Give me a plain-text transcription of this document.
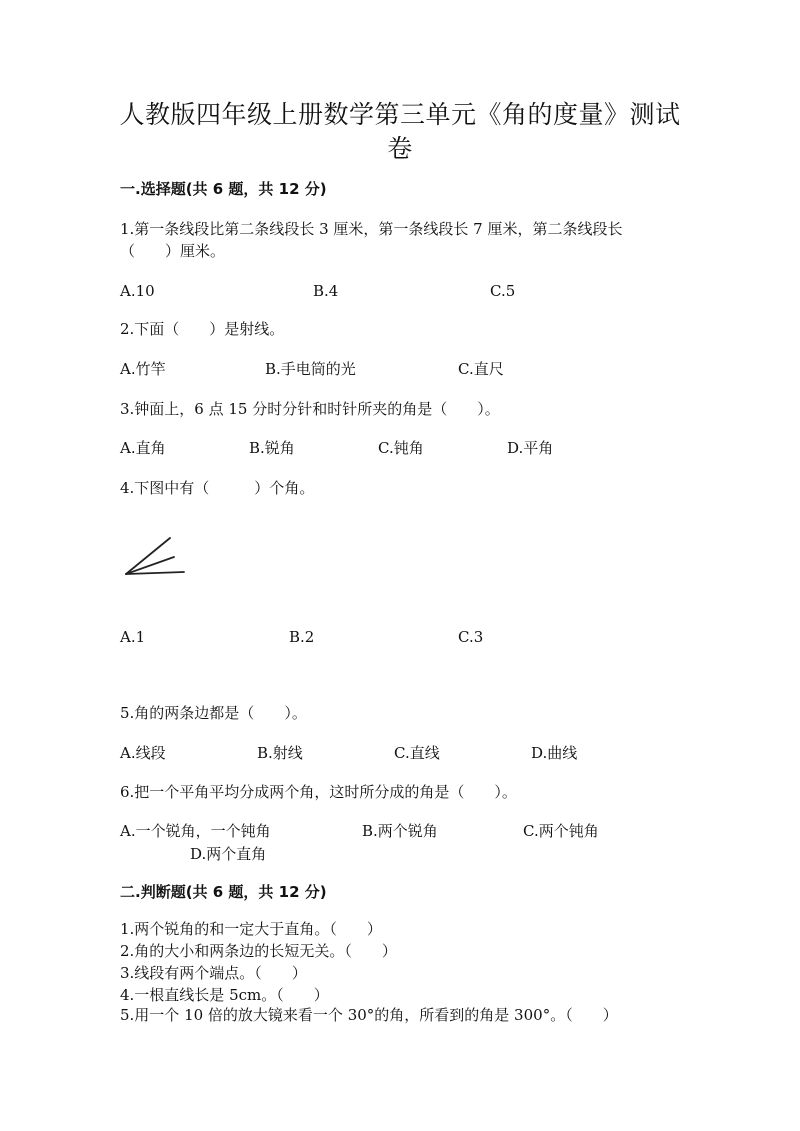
人教版四年级上册数学第三单元《角的度量》测试
卷
一.选择题(共 6 题，共 12 分)
1.第一条线段比第二条线段长 3 厘米，第一条线段长 7 厘米，第二条线段长
（　　）厘米。
A.10	B.4	C.5
2.下面（　　）是射线。
A.竹竿	B.手电筒的光	C.直尺
3.钟面上，6 点 15 分时分针和时针所夹的角是（　　）。
A.直角	B.锐角	C.钝角	D.平角
4.下图中有（　　　）个角。
A.1	B.2	C.3
5.角的两条边都是（　　）。
A.线段	B.射线	C.直线	D.曲线
6.把一个平角平均分成两个角，这时所分成的角是（　　）。
A.一个锐角，一个钝角	B.两个锐角	C.两个钝角
D.两个直角
二.判断题(共 6 题，共 12 分)
1.两个锐角的和一定大于直角。（　　）
2.角的大小和两条边的长短无关。（　　）
3.线段有两个端点。（　　）
4.一根直线长是 5cm。（　　）
5.用一个 10 倍的放大镜来看一个 30°的角，所看到的角是 300°。（　　）
